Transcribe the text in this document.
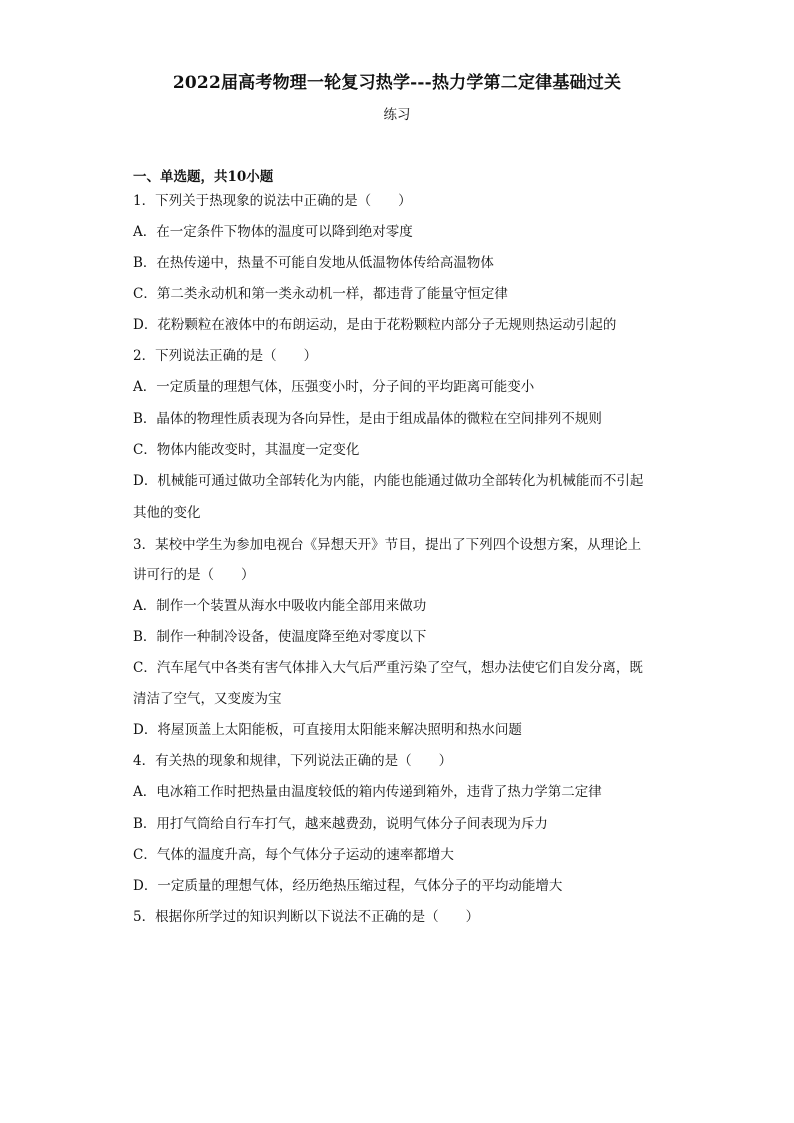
2022届高考物理一轮复习热学---热力学第二定律基础过关
练习
一、单选题，共10小题
1．下列关于热现象的说法中正确的是（　　）
A．在一定条件下物体的温度可以降到绝对零度
B．在热传递中，热量不可能自发地从低温物体传给高温物体
C．第二类永动机和第一类永动机一样，都违背了能量守恒定律
D．花粉颗粒在液体中的布朗运动，是由于花粉颗粒内部分子无规则热运动引起的
2．下列说法正确的是（　　）
A．一定质量的理想气体，压强变小时，分子间的平均距离可能变小
B．晶体的物理性质表现为各向异性，是由于组成晶体的微粒在空间排列不规则
C．物体内能改变时，其温度一定变化
D．机械能可通过做功全部转化为内能，内能也能通过做功全部转化为机械能而不引起
其他的变化
3．某校中学生为参加电视台《异想天开》节目，提出了下列四个设想方案，从理论上
讲可行的是（　　）
A．制作一个装置从海水中吸收内能全部用来做功
B．制作一种制冷设备，使温度降至绝对零度以下
C．汽车尾气中各类有害气体排入大气后严重污染了空气，想办法使它们自发分离，既
清洁了空气，又变废为宝
D．将屋顶盖上太阳能板，可直接用太阳能来解决照明和热水问题
4．有关热的现象和规律，下列说法正确的是（　　）
A．电冰箱工作时把热量由温度较低的箱内传递到箱外，违背了热力学第二定律
B．用打气筒给自行车打气，越来越费劲，说明气体分子间表现为斥力
C．气体的温度升高，每个气体分子运动的速率都增大
D．一定质量的理想气体，经历绝热压缩过程，气体分子的平均动能增大
5．根据你所学过的知识判断以下说法不正确的是（　　）
